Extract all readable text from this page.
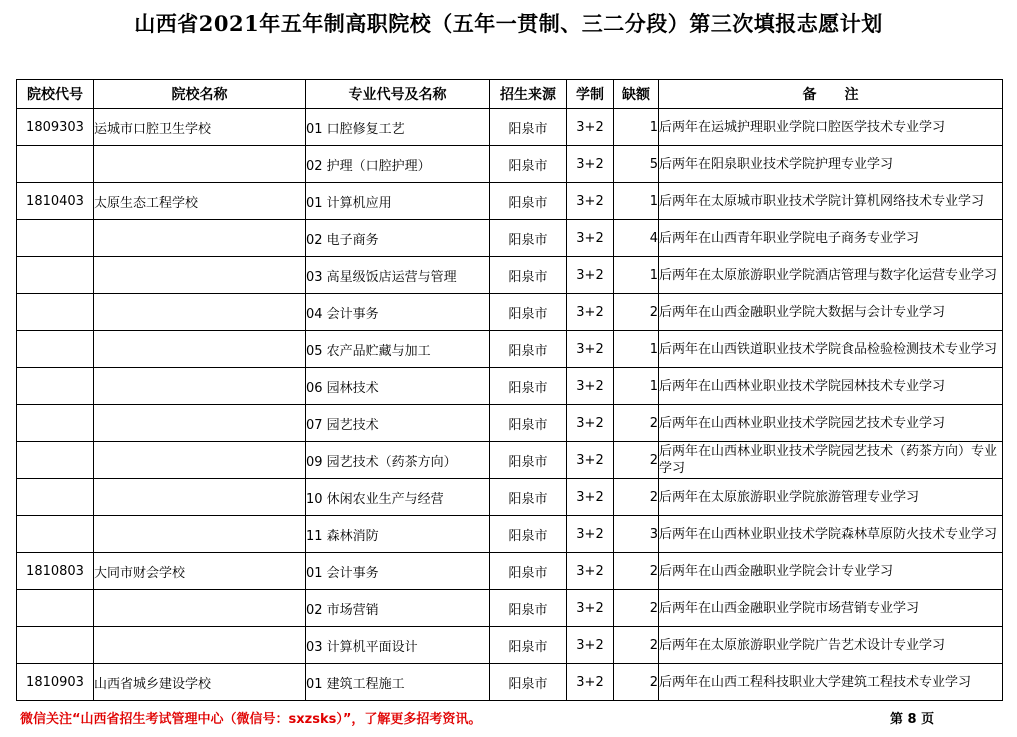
山西省2021年五年制高职院校（五年一贯制、三二分段）第三次填报志愿计划
院校代号	院校名称	专业代号及名称	招生来源	学制	缺额	备　　注
1809303	运城市口腔卫生学校	01 口腔修复工艺	阳泉市	3+2	1	后两年在运城护理职业学院口腔医学技术专业学习
		02 护理（口腔护理）	阳泉市	3+2	5	后两年在阳泉职业技术学院护理专业学习
1810403	太原生态工程学校	01 计算机应用	阳泉市	3+2	1	后两年在太原城市职业技术学院计算机网络技术专业学习
		02 电子商务	阳泉市	3+2	4	后两年在山西青年职业学院电子商务专业学习
		03 高星级饭店运营与管理	阳泉市	3+2	1	后两年在太原旅游职业学院酒店管理与数字化运营专业学习
		04 会计事务	阳泉市	3+2	2	后两年在山西金融职业学院大数据与会计专业学习
		05 农产品贮藏与加工	阳泉市	3+2	1	后两年在山西铁道职业技术学院食品检验检测技术专业学习
		06 园林技术	阳泉市	3+2	1	后两年在山西林业职业技术学院园林技术专业学习
		07 园艺技术	阳泉市	3+2	2	后两年在山西林业职业技术学院园艺技术专业学习
		09 园艺技术（药茶方向）	阳泉市	3+2	2	后两年在山西林业职业技术学院园艺技术（药茶方向）专业学习
		10 休闲农业生产与经营	阳泉市	3+2	2	后两年在太原旅游职业学院旅游管理专业学习
		11 森林消防	阳泉市	3+2	3	后两年在山西林业职业技术学院森林草原防火技术专业学习
1810803	大同市财会学校	01 会计事务	阳泉市	3+2	2	后两年在山西金融职业学院会计专业学习
		02 市场营销	阳泉市	3+2	2	后两年在山西金融职业学院市场营销专业学习
		03 计算机平面设计	阳泉市	3+2	2	后两年在太原旅游职业学院广告艺术设计专业学习
1810903	山西省城乡建设学校	01 建筑工程施工	阳泉市	3+2	2	后两年在山西工程科技职业大学建筑工程技术专业学习
微信关注“山西省招生考试管理中心（微信号：sxzsks）”，了解更多招考资讯。	第 8 页
